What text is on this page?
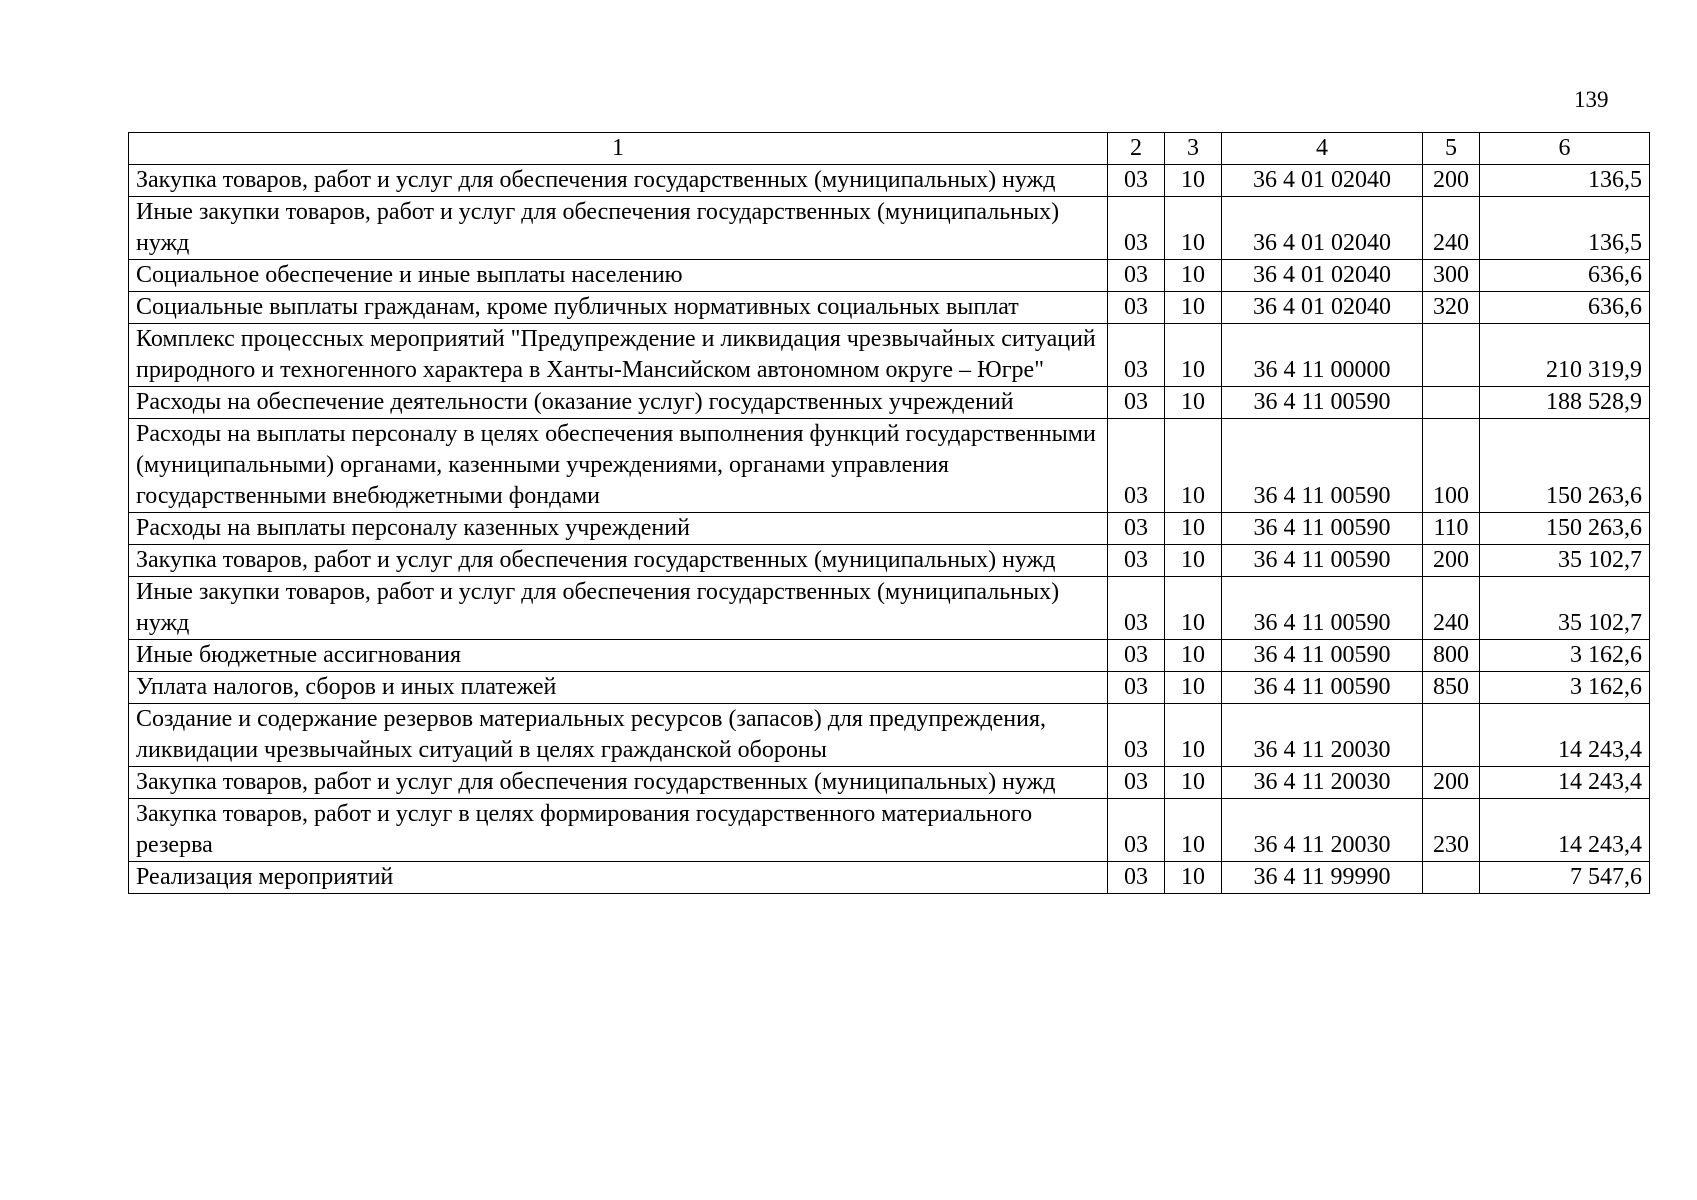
139
1	2	3	4	5	6
Закупка товаров, работ и услуг для обеспечения государственных (муниципальных) нужд	03	10	36 4 01 02040	200	136,5
Иные закупки товаров, работ и услуг для обеспечения государственных (муниципальных) нужд	03	10	36 4 01 02040	240	136,5
Социальное обеспечение и иные выплаты населению	03	10	36 4 01 02040	300	636,6
Социальные выплаты гражданам, кроме публичных нормативных социальных выплат	03	10	36 4 01 02040	320	636,6
Комплекс процессных мероприятий "Предупреждение и ликвидация чрезвычайных ситуаций природного и техногенного характера в Ханты-Мансийском автономном округе – Югре"	03	10	36 4 11 00000		210 319,9
Расходы на обеспечение деятельности (оказание услуг) государственных учреждений	03	10	36 4 11 00590		188 528,9
Расходы на выплаты персоналу в целях обеспечения выполнения функций государственными (муниципальными) органами, казенными учреждениями, органами управления государственными внебюджетными фондами	03	10	36 4 11 00590	100	150 263,6
Расходы на выплаты персоналу казенных учреждений	03	10	36 4 11 00590	110	150 263,6
Закупка товаров, работ и услуг для обеспечения государственных (муниципальных) нужд	03	10	36 4 11 00590	200	35 102,7
Иные закупки товаров, работ и услуг для обеспечения государственных (муниципальных) нужд	03	10	36 4 11 00590	240	35 102,7
Иные бюджетные ассигнования	03	10	36 4 11 00590	800	3 162,6
Уплата налогов, сборов и иных платежей	03	10	36 4 11 00590	850	3 162,6
Создание и содержание резервов материальных ресурсов (запасов) для предупреждения, ликвидации чрезвычайных ситуаций в целях гражданской обороны	03	10	36 4 11 20030		14 243,4
Закупка товаров, работ и услуг для обеспечения государственных (муниципальных) нужд	03	10	36 4 11 20030	200	14 243,4
Закупка товаров, работ и услуг в целях формирования государственного материального резерва	03	10	36 4 11 20030	230	14 243,4
Реализация мероприятий	03	10	36 4 11 99990		7 547,6
